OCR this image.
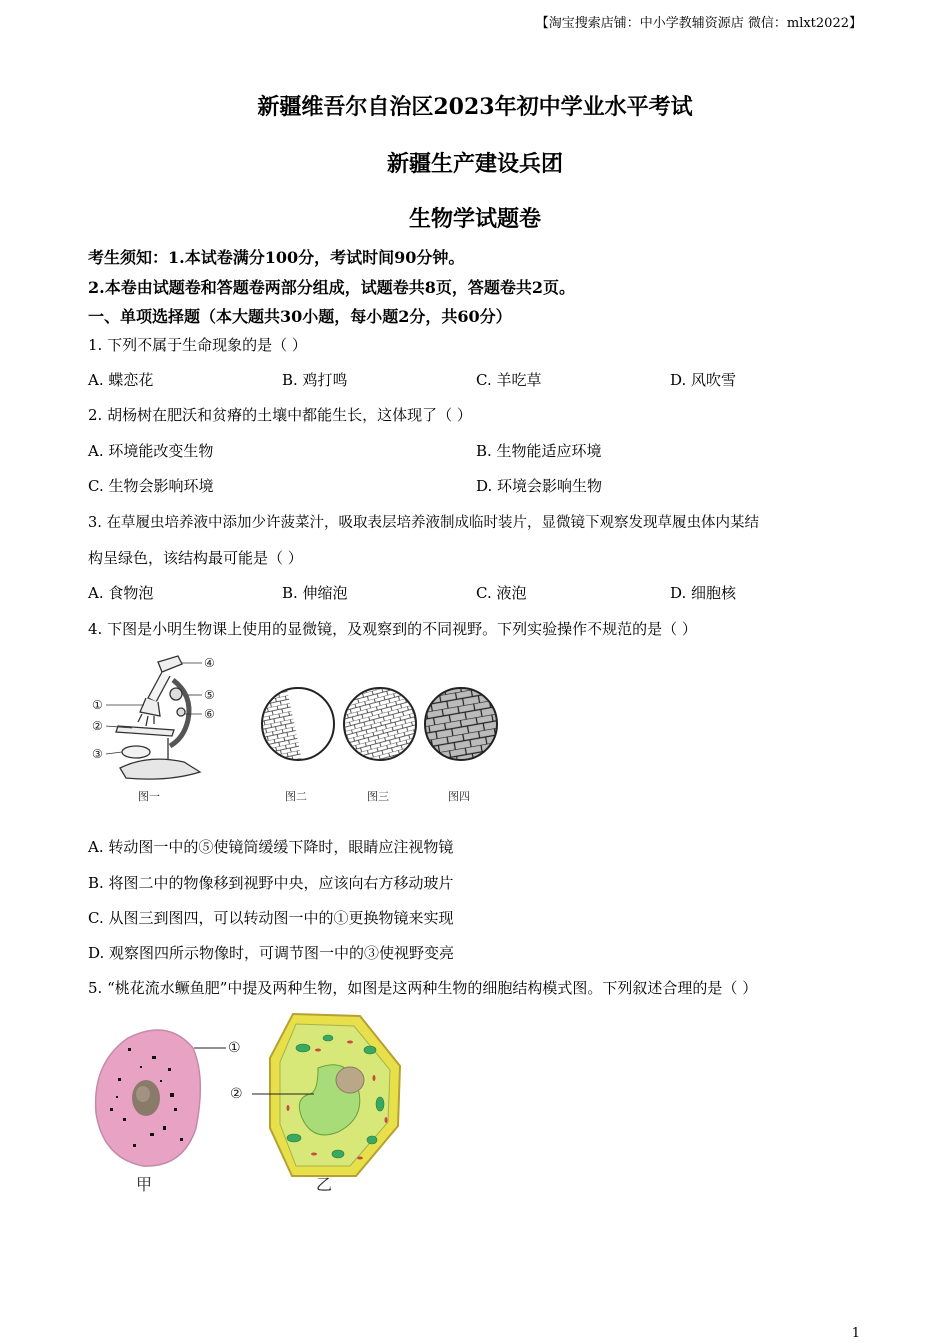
【淘宝搜索店铺：中小学教辅资源店 微信：mlxt2022】
新疆维吾尔自治区2023年初中学业水平考试
新疆生产建设兵团
生物学试题卷
考生须知：1.本试卷满分100分，考试时间90分钟。
2.本卷由试题卷和答题卷两部分组成，试题卷共8页，答题卷共2页。
一、单项选择题（本大题共30小题，每小题2分，共60分）
1. 下列不属于生命现象的是（ ）
A. 蝶恋花	B. 鸡打鸣	C. 羊吃草	D. 风吹雪
2. 胡杨树在肥沃和贫瘠的土壤中都能生长，这体现了（ ）
A. 环境能改变生物	B. 生物能适应环境
C. 生物会影响环境	D. 环境会影响生物
3. 在草履虫培养液中添加少许菠菜汁，吸取表层培养液制成临时装片，显微镜下观察发现草履虫体内某结
构呈绿色，该结构最可能是（ ）
A. 食物泡	B. 伸缩泡	C. 液泡	D. 细胞核
4. 下图是小明生物课上使用的显微镜，及观察到的不同视野。下列实验操作不规范的是（ ）
④
①
⑤
②
⑥
③
图一	图二	图三	图四
A. 转动图一中的⑤使镜筒缓缓下降时，眼睛应注视物镜
B. 将图二中的物像移到视野中央，应该向右方移动玻片
C. 从图三到图四，可以转动图一中的①更换物镜来实现
D. 观察图四所示物像时，可调节图一中的③使视野变亮
5. “桃花流水鳜鱼肥”中提及两种生物，如图是这两种生物的细胞结构模式图。下列叙述合理的是（ ）
①
②
甲	乙
1
